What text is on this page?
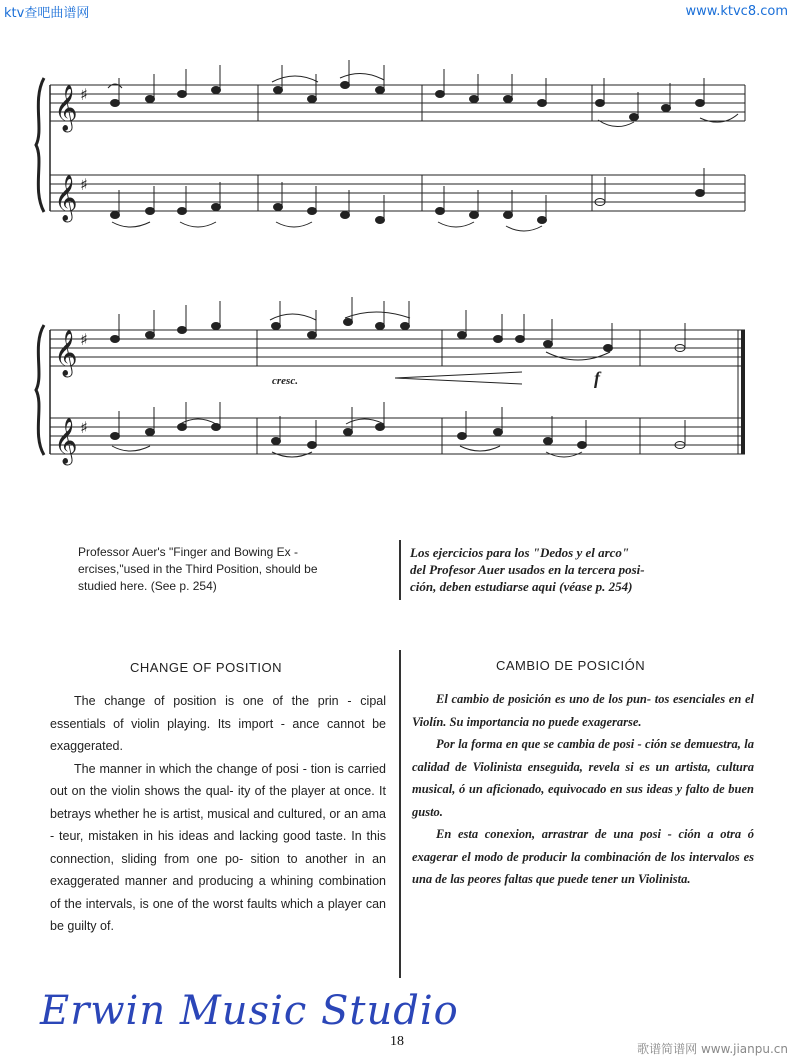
ktv查吧曲谱网	www.ktvc8.com
𝄞
𝄞
♯
♯
𝄞
𝄞
♯
♯
cresc.	f
Professor Auer's "Finger and Bowing Ex -
ercises,"used in the Third Position, should be
studied here. (See p. 254)
Los ejercicios para los "Dedos y el arco"
del Profesor Auer usados en la tercera posi-
ción, deben estudiarse aqui (véase p. 254)
CHANGE OF POSITION	CAMBIO DE POSICIÓN

The change of position is one of the prin - cipal essentials of violin playing. Its import - ance cannot be exaggerated.

The manner in which the change of posi - tion is carried out on the violin shows the qual- ity of the player at once. It betrays whether he is artist, musical and cultured, or an ama - teur, mistaken in his ideas and lacking good taste. In this connection, sliding from one po- sition to another in an exaggerated manner and producing a whining combination of the intervals, is one of the worst faults which a player can be guilty of.

El cambio de posición es uno de los pun- tos esenciales en el Violín. Su importancia no puede exagerarse.

Por la forma en que se cambia de posi - ción se demuestra, la calidad de Violinista enseguida, revela si es un artista, cultura musical, ó un aficionado, equivocado en sus ideas y falto de buen gusto.

En esta conexion, arrastrar de una posi - ción a otra ó exagerar el modo de producir la combinación de los intervalos es una de las peores faltas que puede tener un Violinista.

Erwin Music Studio
18	歌谱简谱网 www.jianpu.cn
